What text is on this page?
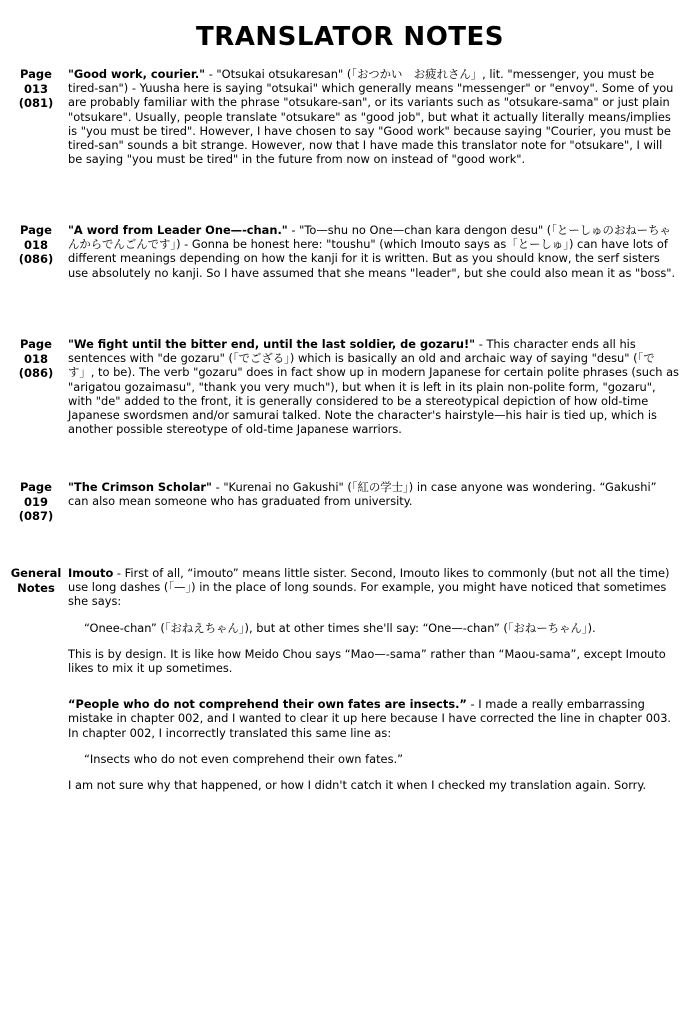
TRANSLATOR NOTES
Page
013
(081)

"Good work, courier." - "Otsukai otsukaresan" (「おつかい　お疲れさん」, lit. "messenger, you must be tired-san") - Yuusha here is saying "otsukai" which generally means "messenger" or "envoy". Some of you are probably familiar with the phrase "otsukare-san", or its variants such as "otsukare-sama" or just plain "otsukare". Usually, people translate "otsukare" as "good job", but what it actually literally means/implies is "you must be tired". However, I have chosen to say "Good work" because saying "Courier, you must be tired-san" sounds a bit strange. However, now that I have made this translator note for "otsukare", I will be saying "you must be tired" in the future from now on instead of "good work".

Page
018
(086)

"A word from Leader One—-chan." - "To—shu no One—chan kara dengon desu" (「とーしゅのおねーちゃんからでんごんです」) - Gonna be honest here: "toushu" (which Imouto says as「とーしゅ」) can have lots of different meanings depending on how the kanji for it is written. But as you should know, the serf sisters use absolutely no kanji. So I have assumed that she means "leader", but she could also mean it as "boss".

Page
018
(086)

"We fight until the bitter end, until the last soldier, de gozaru!" - This character ends all his sentences with "de gozaru" (「でござる」) which is basically an old and archaic way of saying "desu" (「です」, to be). The verb "gozaru" does in fact show up in modern Japanese for certain polite phrases (such as "arigatou gozaimasu", "thank you very much"), but when it is left in its plain non-polite form, "gozaru", with "de" added to the front, it is generally considered to be a stereotypical depiction of how old-time Japanese swordsmen and/or samurai talked. Note the character's hairstyle—his hair is tied up, which is another possible stereotype of old-time Japanese warriors.

Page
019
(087)

"The Crimson Scholar" - "Kurenai no Gakushi" (「紅の学士」) in case anyone was wondering. “Gakushi” can also mean someone who has graduated from university.

General
Notes

Imouto - First of all, “imouto” means little sister. Second, Imouto likes to commonly (but not all the time) use long dashes (「—」) in the place of long sounds. For example, you might have noticed that sometimes she says:

“Onee-chan” (「おねえちゃん」), but at other times she'll say: “One—-chan” (「おねーちゃん」).

This is by design. It is like how Meido Chou says “Mao—-sama” rather than “Maou-sama”, except Imouto likes to mix it up sometimes.

“People who do not comprehend their own fates are insects.” - I made a really embarrassing mistake in chapter 002, and I wanted to clear it up here because I have corrected the line in chapter 003. In chapter 002, I incorrectly translated this same line as:

“Insects who do not even comprehend their own fates.”

I am not sure why that happened, or how I didn't catch it when I checked my translation again. Sorry.
